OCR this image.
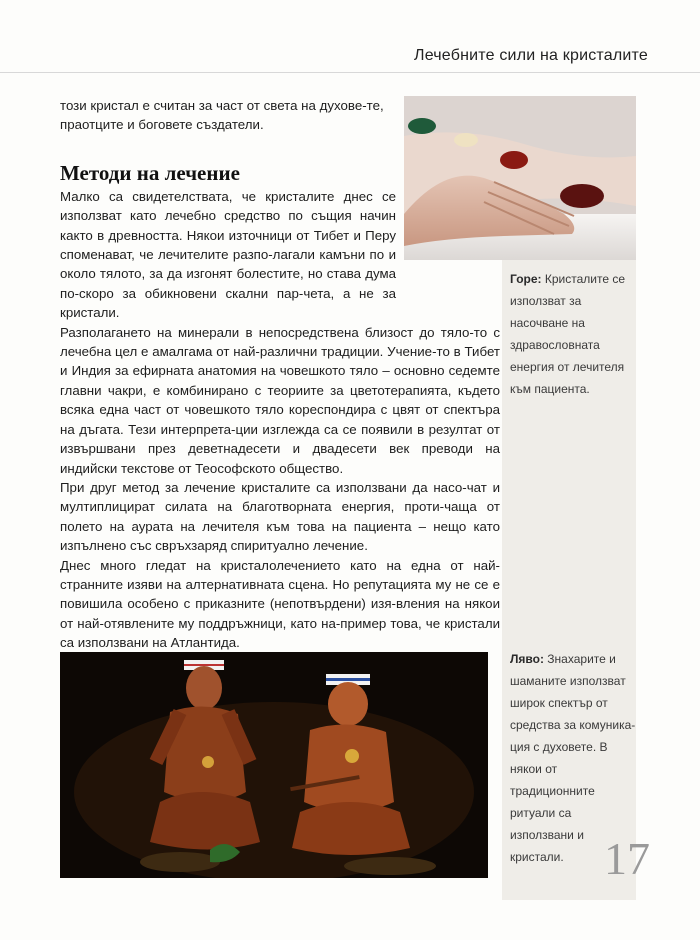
Лечебните сили на кристалите

този кристал е считан за част от света на духове-те, праотците и боговете създатели.

Методи на лечение

Малко са свидетелствата, че кристалите днес се използват като лечебно средство по същия начин както в древността. Някои източници от Тибет и Перу споменават, че лечителите разпо-лагали камъни по и около тялото, за да изгонят болестите, но става дума по-скоро за обикновени скални пар-чета, а не за кристали.

Разполагането на минерали в непосредствена близост до тяло-то с лечебна цел е амалгама от най-различни традиции. Учение-то в Тибет и Индия за ефирната анатомия на човешкото тяло – основно седемте главни чакри, е комбинирано с теориите за цветотерапията, където всяка една част от човешкото тяло кореспондира с цвят от спектъра на дъгата. Тези интерпрета-ции изглежда са се появили в резултат от извършвани през деветнадесети и двадесети век преводи на индийски текстове от Теософското общество.

При друг метод за лечение кристалите са използвани да насо-чат и мултиплицират силата на благотворната енергия, проти-чаща от полето на аурата на лечителя към това на пациента – нещо като изпълнено със свръхзаряд спиритуално лечение.

Днес много гледат на кристалолечението като на една от най-странните изяви на алтернативната сцена. Но репутацията му не се е повишила особено с приказните (непотвърдени) изя-вления на някои от най-отявлените му поддръжници, като на-пример това, че кристали са използвани на Атлантида.

Горе: Кристалите се използват за насочване на здравословната енергия от лечителя към пациента.
Ляво: Знахарите и шаманите използват широк спектър от средства за комуника-ция с духовете. В някои от традиционните ритуали са използвани и кристали. 17
